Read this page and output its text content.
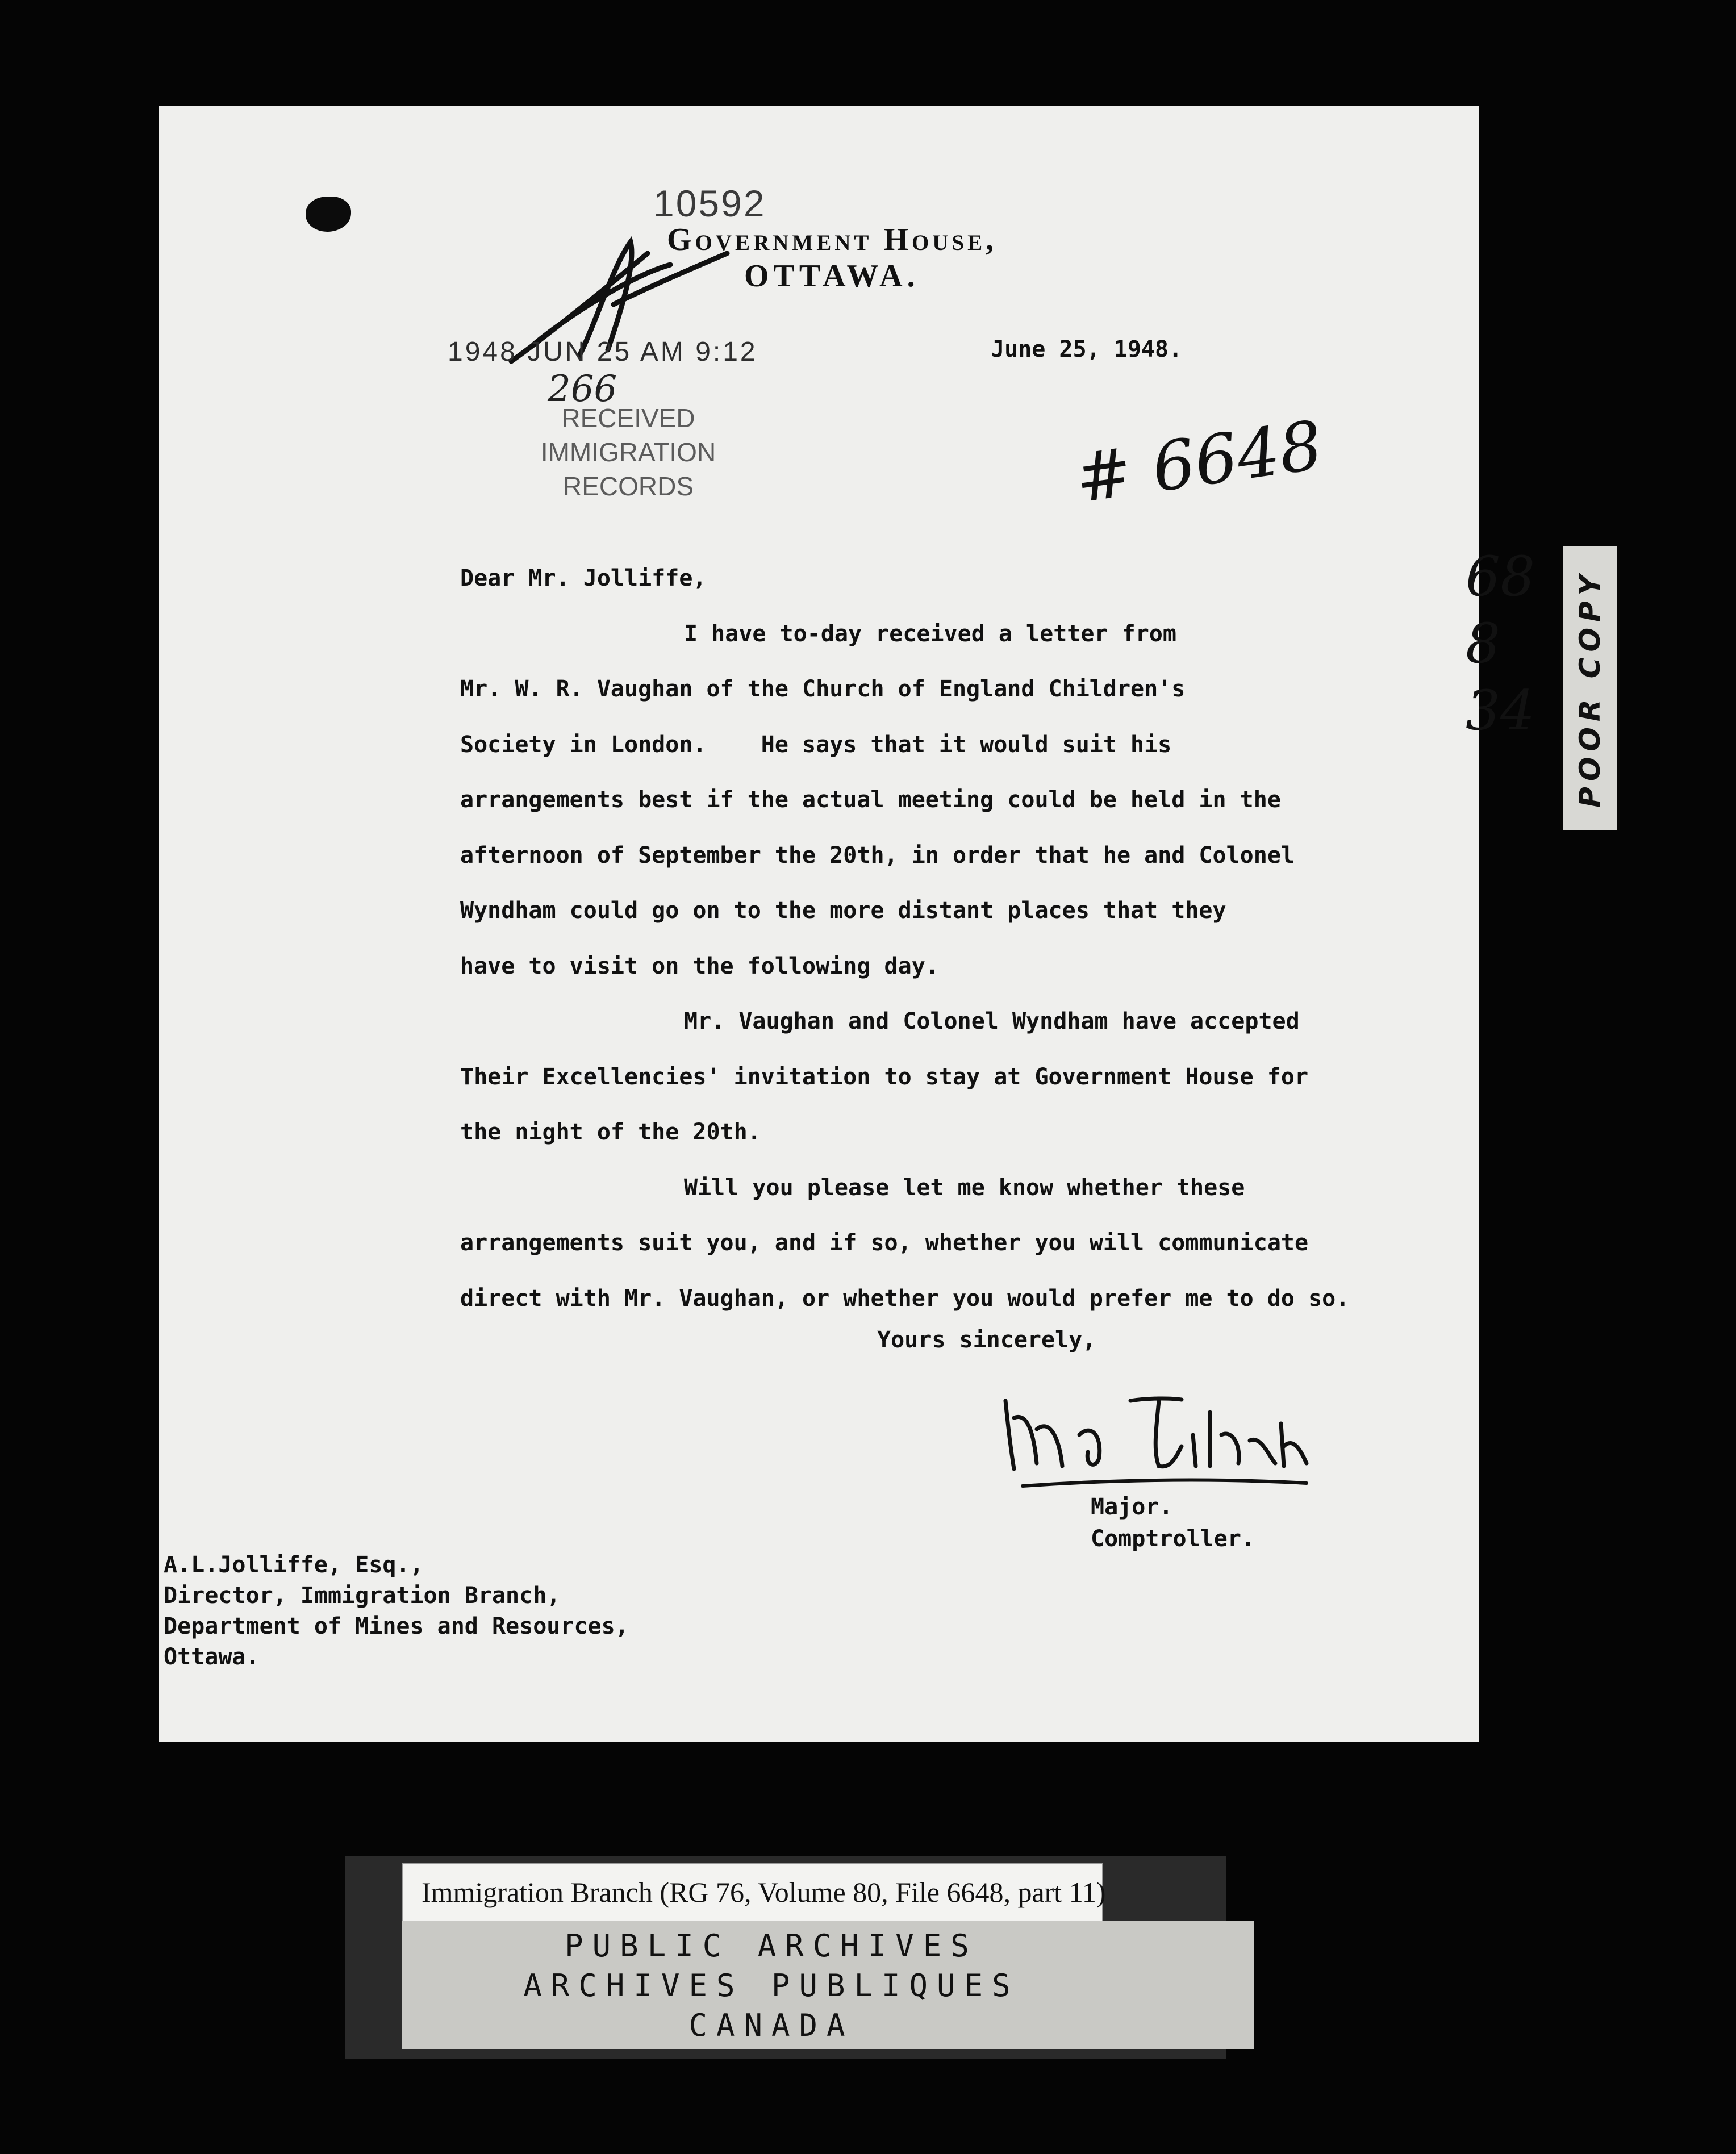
10592
Government House,
OTTAWA.
1948 JUN 25 AM 9:12
266
RECEIVED
IMMIGRATION
RECORDS
June 25, 1948.
# 6648
68
8
34

Dear Mr. Jolliffe,

I have to-day received a letter from

Mr. W. R. Vaughan of the Church of England Children's

Society in London.    He says that it would suit his

arrangements best if the actual meeting could be held in the

afternoon of September the 20th, in order that he and Colonel

Wyndham could go on to the more distant places that they

have to visit on the following day.

Mr. Vaughan and Colonel Wyndham have accepted

Their Excellencies' invitation to stay at Government House for

the night of the 20th.

Will you please let me know whether these

arrangements suit you, and if so, whether you will communicate

direct with Mr. Vaughan, or whether you would prefer me to do so.

Yours sincerely,
Major.
Comptroller.
A.L.Jolliffe, Esq.,
Director, Immigration Branch,
Department of Mines and Resources,
Ottawa.
POOR COPY
Immigration Branch (RG 76, Volume 80, File 6648, part 11)
PUBLIC ARCHIVES
ARCHIVES PUBLIQUES
CANADA
